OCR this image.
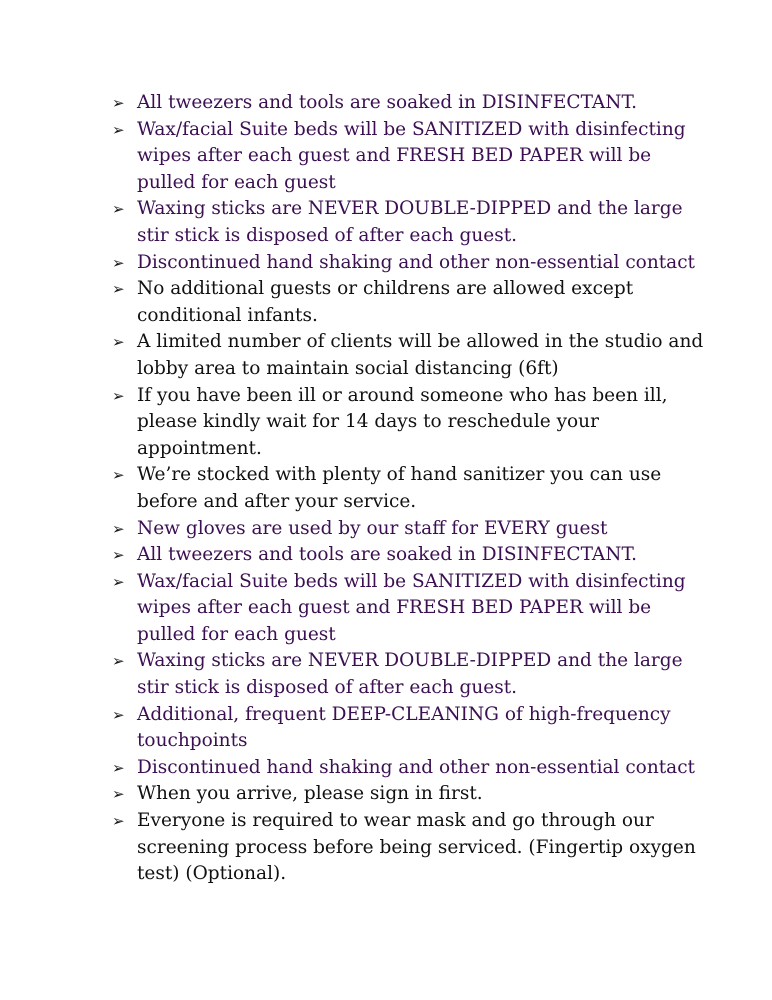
➢ All tweezers and tools are soaked in DISINFECTANT.
➢ Wax/facial Suite beds will be SANITIZED with disinfecting wipes after each guest and FRESH BED PAPER will be pulled for each guest
➢ Waxing sticks are NEVER DOUBLE-DIPPED and the large stir stick is disposed of after each guest.
➢ Discontinued hand shaking and other non-essential contact
➢ No additional guests or childrens are allowed except conditional infants.
➢ A limited number of clients will be allowed in the studio and lobby area to maintain social distancing (6ft)
➢ If you have been ill or around someone who has been ill, please kindly wait for 14 days to reschedule your appointment.
➢ We’re stocked with plenty of hand sanitizer you can use before and after your service.
➢ New gloves are used by our staff for EVERY guest
➢ All tweezers and tools are soaked in DISINFECTANT.
➢ Wax/facial Suite beds will be SANITIZED with disinfecting wipes after each guest and FRESH BED PAPER will be pulled for each guest
➢ Waxing sticks are NEVER DOUBLE-DIPPED and the large stir stick is disposed of after each guest.
➢ Additional, frequent DEEP-CLEANING of high-frequency touchpoints
➢ Discontinued hand shaking and other non-essential contact
➢ When you arrive, please sign in first.
➢ Everyone is required to wear mask and go through our screening process before being serviced. (Fingertip oxygen test) (Optional).
